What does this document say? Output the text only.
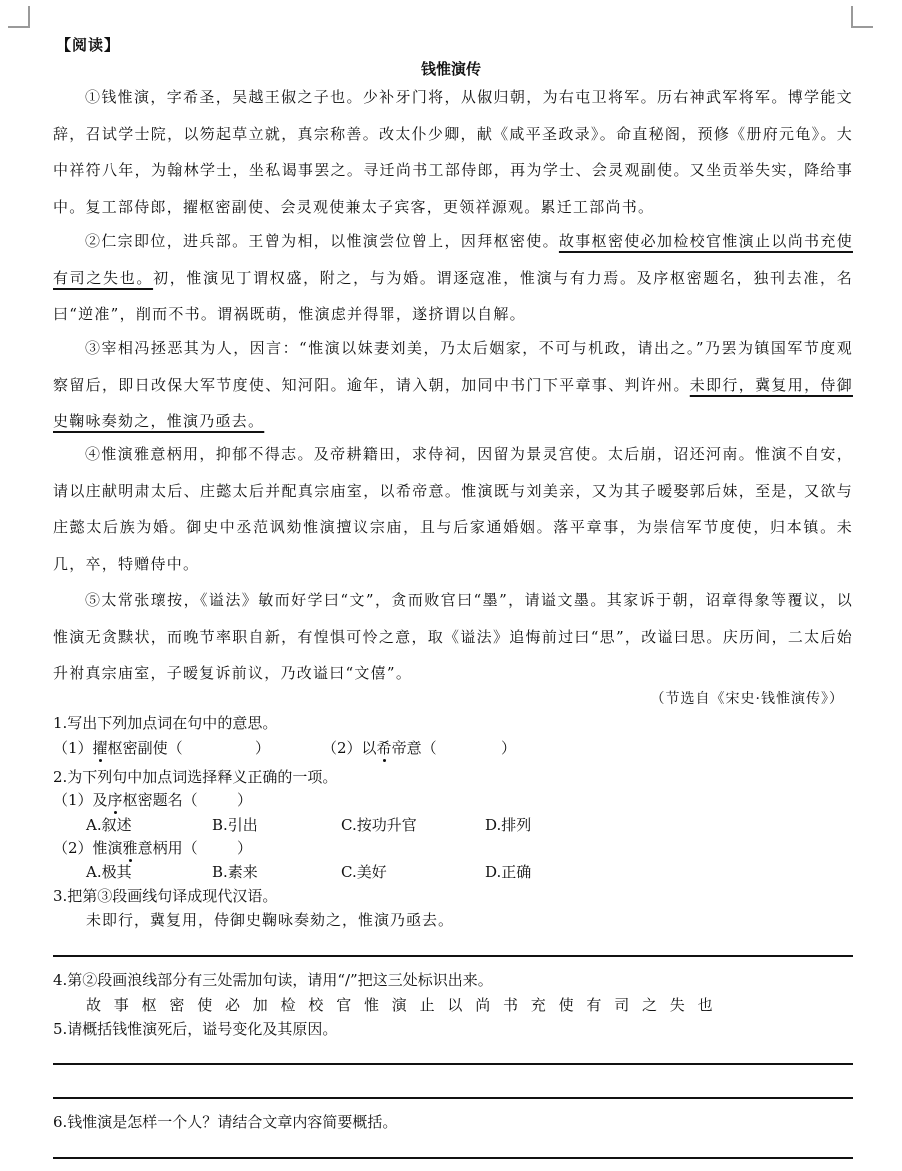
【阅读】
钱惟演传

①钱惟演，字希圣，吴越王俶之子也。少补牙门将，从俶归朝，为右屯卫将军。历右神武军将军。博学能文辞，召试学士院，以笏起草立就，真宗称善。改太仆少卿，献《咸平圣政录》。命直秘阁，预修《册府元龟》。大中祥符八年，为翰林学士，坐私谒事罢之。寻迁尚书工部侍郎，再为学士、会灵观副使。又坐贡举失实，降给事中。复工部侍郎，擢枢密副使、会灵观使兼太子宾客，更领祥源观。累迁工部尚书。

②仁宗即位，进兵部。王曾为相，以惟演尝位曾上，因拜枢密使。故事枢密使必加检校官惟演止以尚书充使有司之失也。初，惟演见丁谓权盛，附之，与为婚。谓逐寇准，惟演与有力焉。及序枢密题名，独刊去准，名曰“逆准”，削而不书。谓祸既萌，惟演虑并得罪，遂挤谓以自解。

③宰相冯拯恶其为人，因言：“惟演以妹妻刘美，乃太后姻家，不可与机政，请出之。”乃罢为镇国军节度观察留后，即日改保大军节度使、知河阳。逾年，请入朝，加同中书门下平章事、判许州。未即行，冀复用，侍御史鞠咏奏劾之，惟演乃亟去。

④惟演雅意柄用，抑郁不得志。及帝耕籍田，求侍祠，因留为景灵宫使。太后崩，诏还河南。惟演不自安，请以庄献明肃太后、庄懿太后并配真宗庙室，以希帝意。惟演既与刘美亲，又为其子暧娶郭后妹，至是，又欲与庄懿太后族为婚。御史中丞范讽劾惟演擅议宗庙，且与后家通婚姻。落平章事，为崇信军节度使，归本镇。未几，卒，特赠侍中。

⑤太常张瓌按，《谥法》敏而好学曰“文”，贪而败官曰“墨”，请谥文墨。其家诉于朝，诏章得象等覆议，以惟演无贪黩状，而晚节率职自新，有惶惧可怜之意，取《谥法》追悔前过曰“思”，改谥曰思。庆历间，二太后始升祔真宗庙室，子暧复诉前议，乃改谥曰“文僖”。

（节选自《宋史·钱惟演传》）
1.写出下列加点词在句中的意思。
（1）擢枢密副使（	）	（2）以希帝意（	）
2.为下列句中加点词选择释义正确的一项。
（1）及序枢密题名（	）
A.叙述	B.引出	C.按功升官	D.排列
（2）惟演雅意柄用（	）
A.极其	B.素来	C.美好	D.正确
3.把第③段画线句译成现代汉语。
未即行，冀复用，侍御史鞠咏奏劾之，惟演乃亟去。
4.第②段画浪线部分有三处需加句读，请用“/”把这三处标识出来。
故事枢密使必加检校官惟演止以尚书充使有司之失也
5.请概括钱惟演死后，谥号变化及其原因。
6.钱惟演是怎样一个人？请结合文章内容简要概括。
